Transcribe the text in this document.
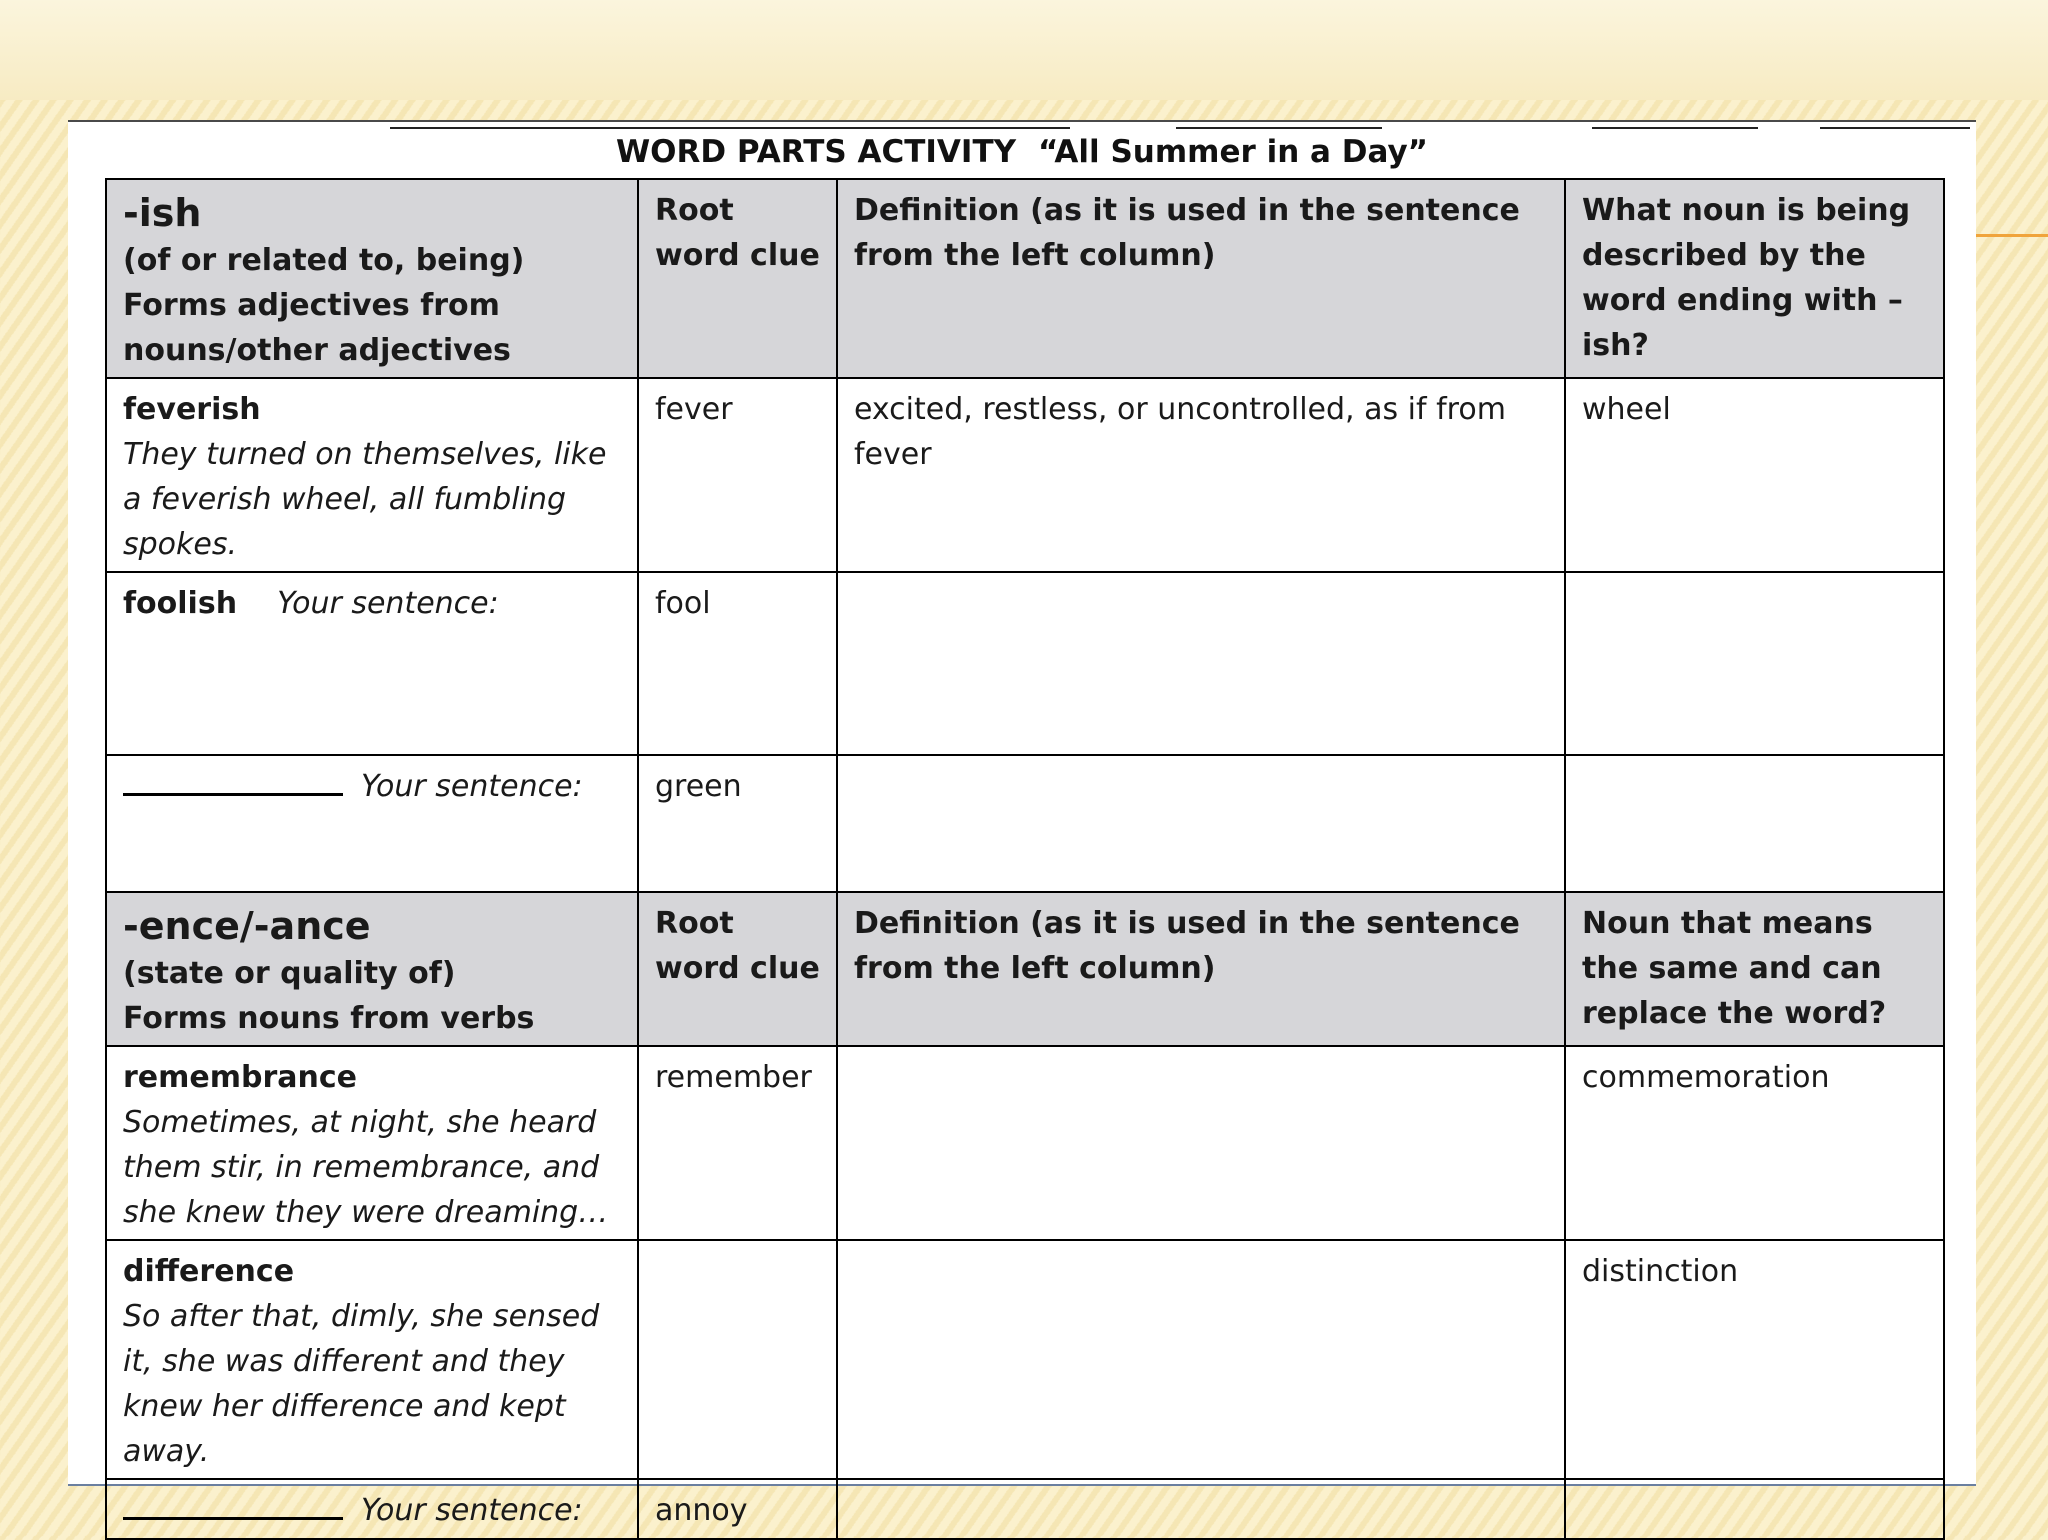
WORD PARTS ACTIVITY “All Summer in a Day”
-ish
(of or related to, being)
Forms adjectives from nouns/other adjectives	Root word clue	Definition (as it is used in the sentence from the left column)	What noun is being described by the word ending with –ish?

feverish
They turned on themselves, like a feverish wheel, all fumbling spokes.	fever	excited, restless, or uncontrolled, as if from fever	wheel
foolish Your sentence:	fool		
Your sentence:	green		

-ence/-ance
(state or quality of)
Forms nouns from verbs	Root word clue	Definition (as it is used in the sentence from the left column)	Noun that means the same and can replace the word?

remembrance
Sometimes, at night, she heard them stir, in remembrance, and she knew they were dreaming…	remember		commemoration

difference
So after that, dimly, she sensed it, she was different and they knew her difference and kept away.			distinction
Your sentence:	annoy		
